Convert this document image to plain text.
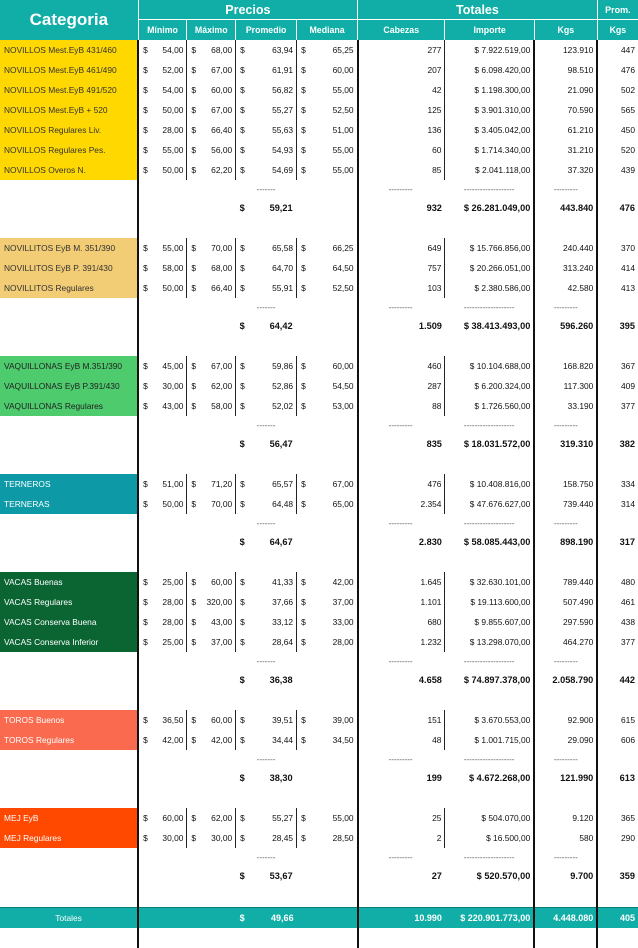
Categoria	Precios				Totales			Prom.
	Mínimo	Máximo	Promedio	Mediana	Cabezas	Importe	Kgs	Kgs
NOVILLOS Mest.EyB 431/460	$ 54,00	$ 68,00	$ 63,94	$ 65,25	277	$ 7.922.519,00	123.910	447
NOVILLOS Mest.EyB 461/490	$ 52,00	$ 67,00	$ 61,91	$ 60,00	207	$ 6.098.420,00	98.510	476
NOVILLOS Mest.EyB 491/520	$ 54,00	$ 60,00	$ 56,82	$ 55,00	42	$ 1.198.300,00	21.090	502
NOVILLOS Mest.EyB + 520	$ 50,00	$ 67,00	$ 55,27	$ 52,50	125	$ 3.901.310,00	70.590	565
NOVILLOS Regulares Liv.	$ 28,00	$ 66,40	$ 55,63	$ 51,00	136	$ 3.405.042,00	61.210	450
NOVILLOS Regulares Pes.	$ 55,00	$ 56,00	$ 54,93	$ 55,00	60	$ 1.714.340,00	31.210	520
NOVILLOS Overos N.	$ 50,00	$ 62,20	$ 54,69	$ 55,00	85	$ 2.041.118,00	37.320	439
			-------		---------	-------------------	---------	
			$ 59,21		932	$ 26.281.049,00	443.840	476

NOVILLITOS EyB M. 351/390	$ 55,00	$ 70,00	$ 65,58	$ 66,25	649	$ 15.766.856,00	240.440	370
NOVILLITOS EyB P. 391/430	$ 58,00	$ 68,00	$ 64,70	$ 64,50	757	$ 20.266.051,00	313.240	414
NOVILLITOS Regulares	$ 50,00	$ 66,40	$ 55,91	$ 52,50	103	$ 2.380.586,00	42.580	413
			-------		---------	-------------------	---------	
			$ 64,42		1.509	$ 38.413.493,00	596.260	395

VAQUILLONAS EyB M.351/390	$ 45,00	$ 67,00	$ 59,86	$ 60,00	460	$ 10.104.688,00	168.820	367
VAQUILLONAS EyB P.391/430	$ 30,00	$ 62,00	$ 52,86	$ 54,50	287	$ 6.200.324,00	117.300	409
VAQUILLONAS Regulares	$ 43,00	$ 58,00	$ 52,02	$ 53,00	88	$ 1.726.560,00	33.190	377
			-------		---------	-------------------	---------	
			$ 56,47		835	$ 18.031.572,00	319.310	382

TERNEROS	$ 51,00	$ 71,20	$ 65,57	$ 67,00	476	$ 10.408.816,00	158.750	334
TERNERAS	$ 50,00	$ 70,00	$ 64,48	$ 65,00	2.354	$ 47.676.627,00	739.440	314
			-------		---------	-------------------	---------	
			$ 64,67		2.830	$ 58.085.443,00	898.190	317

VACAS Buenas	$ 25,00	$ 60,00	$ 41,33	$ 42,00	1.645	$ 32.630.101,00	789.440	480
VACAS Regulares	$ 28,00	$ 320,00	$ 37,66	$ 37,00	1.101	$ 19.113.600,00	507.490	461
VACAS Conserva Buena	$ 28,00	$ 43,00	$ 33,12	$ 33,00	680	$ 9.855.607,00	297.590	438
VACAS Conserva Inferior	$ 25,00	$ 37,00	$ 28,64	$ 28,00	1.232	$ 13.298.070,00	464.270	377
			-------		---------	-------------------	---------	
			$ 36,38		4.658	$ 74.897.378,00	2.058.790	442

TOROS Buenos	$ 36,50	$ 60,00	$ 39,51	$ 39,00	151	$ 3.670.553,00	92.900	615
TOROS Regulares	$ 42,00	$ 42,00	$ 34,44	$ 34,50	48	$ 1.001.715,00	29.090	606
			-------		---------	-------------------	---------	
			$ 38,30		199	$ 4.672.268,00	121.990	613

MEJ EyB	$ 60,00	$ 62,00	$ 55,27	$ 55,00	25	$ 504.070,00	9.120	365
MEJ Regulares	$ 30,00	$ 30,00	$ 28,45	$ 28,50	2	$ 16.500,00	580	290
			-------		---------	-------------------	---------	
			$ 53,67		27	$ 520.570,00	9.700	359

Totales			$ 49,66		10.990	$ 220.901.773,00	4.448.080	405
